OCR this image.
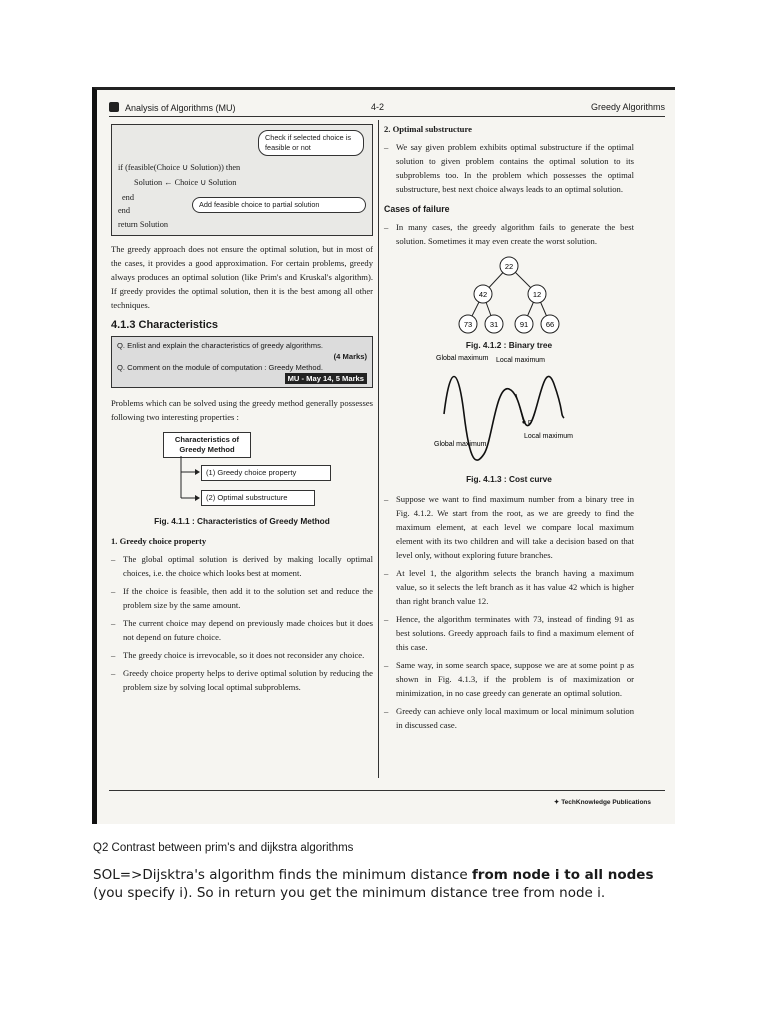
Analysis of Algorithms (MU)	4-2	Greedy Algorithms
Check if selected choice is feasible or not
if (feasible(Choice ∪ Solution)) then
Solution ← Choice ∪ Solution
end
end
return Solution
Add feasible choice to partial solution

The greedy approach does not ensure the optimal solution, but in most of the cases, it provides a good approximation. For certain problems, greedy always produces an optimal solution (like Prim's and Kruskal's algorithm). If greedy provides the optimal solution, then it is the best among all other techniques.

4.1.3 Characteristics
Q. Enlist and explain the characteristics of greedy algorithms.
(4 Marks)
Q. Comment on the module of computation : Greedy Method.
MU - May 14, 5 Marks

Problems which can be solved using the greedy method generally possesses following two interesting properties :

Characteristics of Greedy Method
(1) Greedy choice property
(2) Optimal substructure
Fig. 4.1.1 : Characteristics of Greedy Method
1. Greedy choice property
– The global optimal solution is derived by making locally optimal choices, i.e. the choice which looks best at moment.
– If the choice is feasible, then add it to the solution set and reduce the problem size by the same amount.
– The current choice may depend on previously made choices but it does not depend on future choice.
– The greedy choice is irrevocable, so it does not reconsider any choice.
– Greedy choice property helps to derive optimal solution by reducing the problem size by solving local optimal subproblems.
2. Optimal substructure
– We say given problem exhibits optimal substructure if the optimal solution to given problem contains the optimal solution to its subproblems too. In the problem which possesses the optimal substructure, best next choice always leads to an optimal solution.
Cases of failure
– In many cases, the greedy algorithm fails to generate the best solution. Sometimes it may even create the worst solution.
22
42	12
73 31	91 66
Fig. 4.1.2 : Binary tree
Global maximum Local maximum
p
Global maximum
Local maximum
Fig. 4.1.3 : Cost curve
– Suppose we want to find maximum number from a binary tree in Fig. 4.1.2. We start from the root, as we are greedy to find the maximum element, at each level we compare local maximum element with its two children and will take a decision based on that level only, without exploring future branches.
– At level 1, the algorithm selects the branch having a maximum value, so it selects the left branch as it has value 42 which is higher than right branch value 12.
– Hence, the algorithm terminates with 73, instead of finding 91 as best solutions. Greedy approach fails to find a maximum element of this case.
– Same way, in some search space, suppose we are at some point p as shown in Fig. 4.1.3, if the problem is of maximization or minimization, in no case greedy can generate an optimal solution.
– Greedy can achieve only local maximum or local minimum solution in discussed case.
✦ TechKnowledge Publications
Q2 Contrast between prim's and dijkstra algorithms
SOL=>Dijsktra's algorithm finds the minimum distance from node i to all nodes (you specify i). So in return you get the minimum distance tree from node i.
